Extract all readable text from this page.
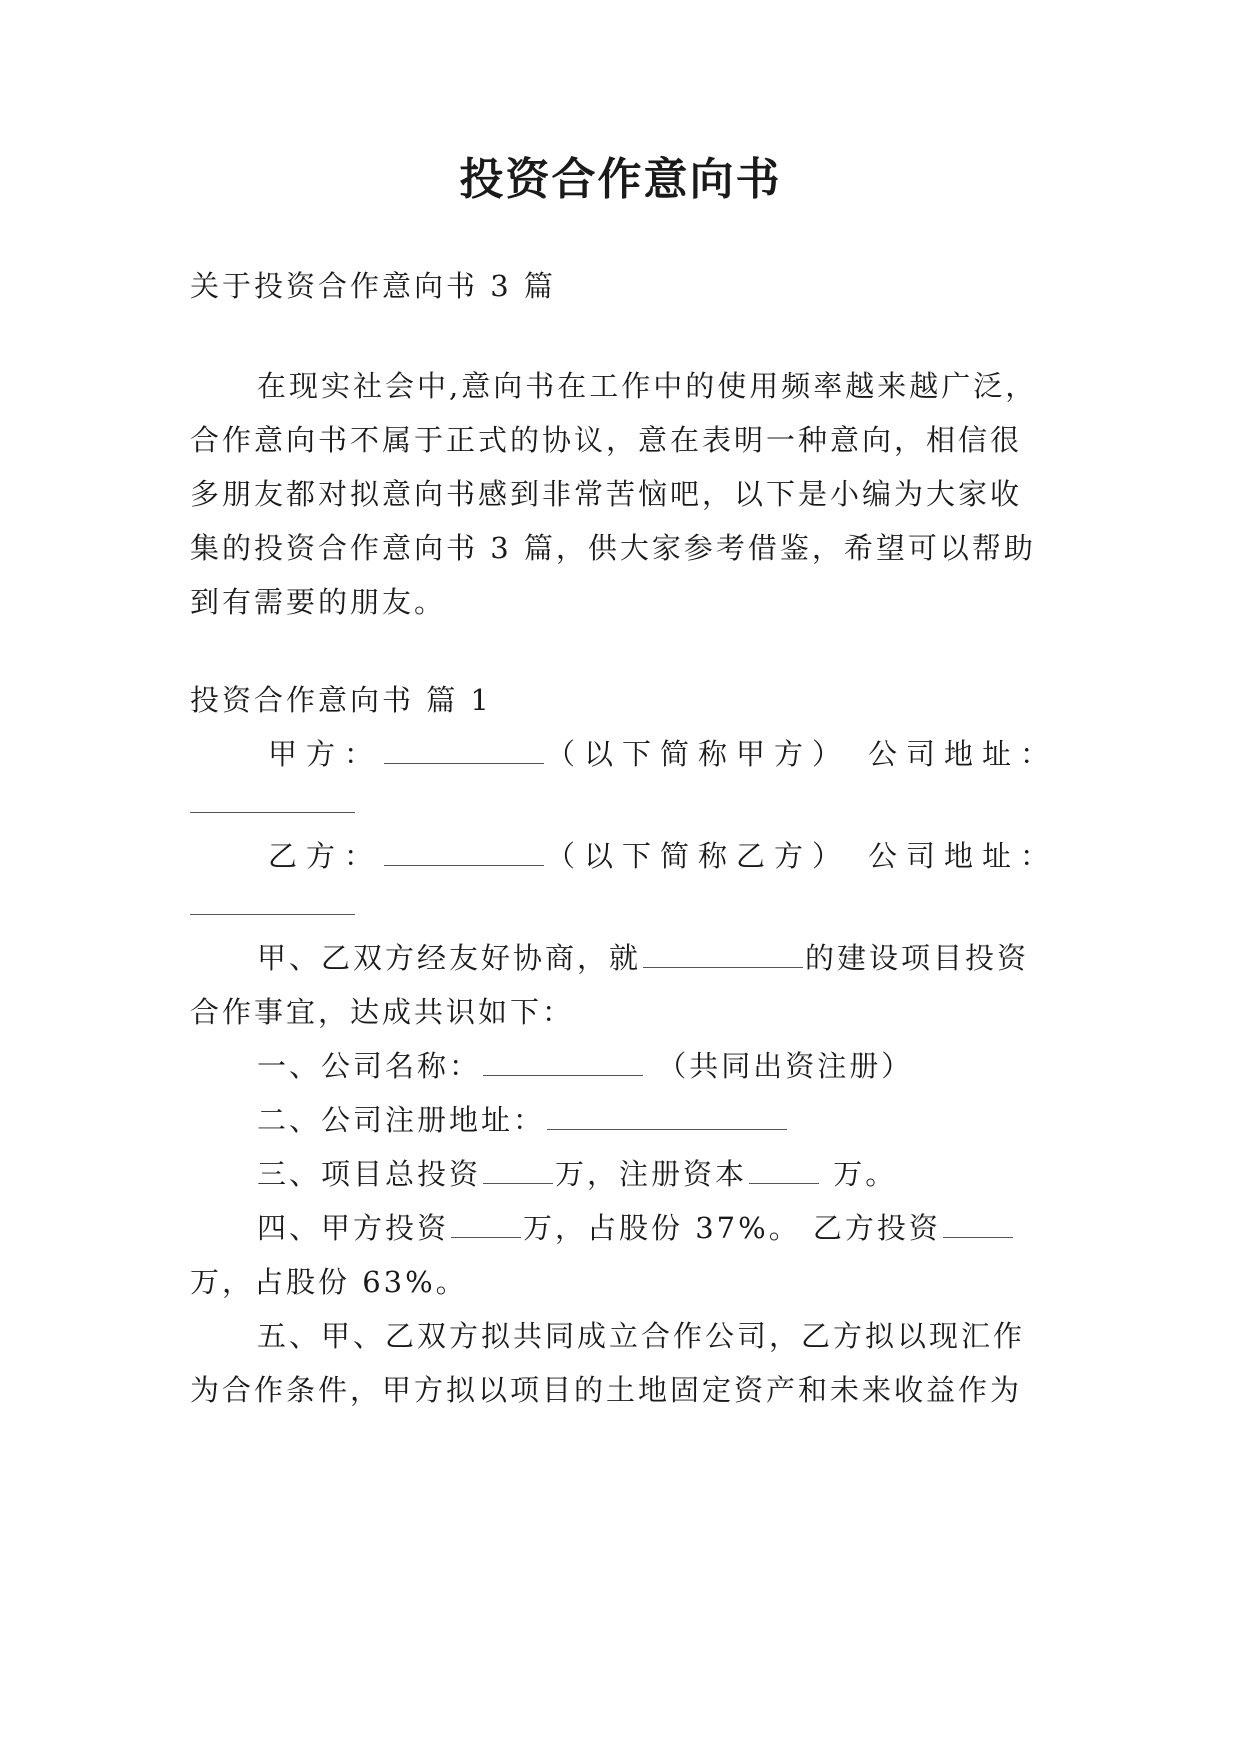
投资合作意向书
关于投资合作意向书 3 篇
在现实社会中,意向书在工作中的使用频率越来越广泛，
合作意向书不属于正式的协议，意在表明一种意向，相信很
多朋友都对拟意向书感到非常苦恼吧，以下是小编为大家收
集的投资合作意向书 3 篇，供大家参考借鉴，希望可以帮助
到有需要的朋友。
投资合作意向书 篇 1
甲方：	（以下简称甲方） 公司地址：
乙方：	（以下简称乙方） 公司地址：
甲、乙双方经友好协商，就	的建设项目投资
合作事宜，达成共识如下：
一、公司名称：	（共同出资注册）
二、公司注册地址：
三、项目总投资	万，注册资本	万。
四、甲方投资	万，占股份 37%。 乙方投资
万，占股份 63%。
五、甲、乙双方拟共同成立合作公司，乙方拟以现汇作
为合作条件，甲方拟以项目的土地固定资产和未来收益作为
